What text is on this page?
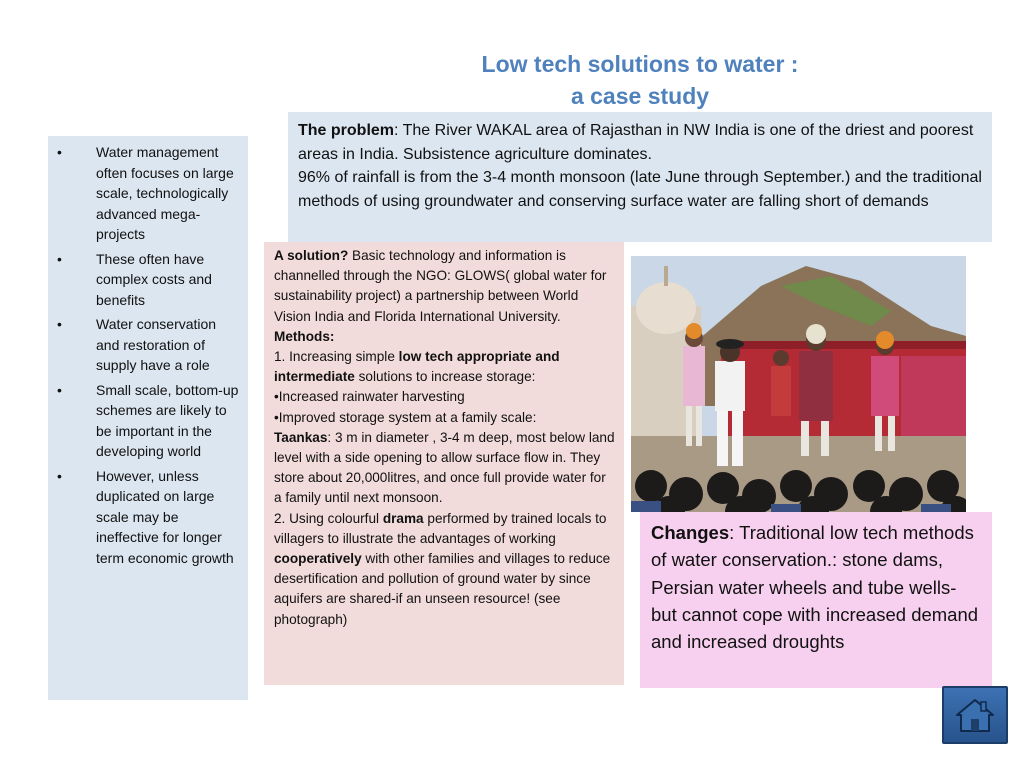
Low tech solutions to water :
a case study
The problem: The River WAKAL area of Rajasthan in NW India is one of the driest and poorest areas in India. Subsistence agriculture dominates.
96% of rainfall is from the 3-4 month monsoon (late June through September.) and the traditional methods of using groundwater and conserving surface water are falling short of demands
• Water management often focuses on large scale, technologically advanced mega-projects
• These often have complex costs and benefits
• Water conservation and restoration of supply have a role
• Small scale, bottom-up schemes are likely to be important in the developing world
• However, unless duplicated on large scale may be ineffective for longer term economic growth

A solution? Basic technology and information is channelled through the NGO: GLOWS( global water for sustainability project) a partnership between World Vision India and Florida International University.

Methods:

1. Increasing simple low tech appropriate and intermediate solutions to increase storage:

•Increased rainwater harvesting

•Improved storage system at a family scale:

Taankas: 3 m in diameter , 3-4 m deep, most below land level with a side opening to allow surface flow in. They store about 20,000litres, and once full provide water for a family until next monsoon.

2. Using colourful drama performed by trained locals to villagers to illustrate the advantages of working cooperatively with other families and villages to reduce desertification and pollution of ground water by since aquifers are shared-if an unseen resource! (see photograph)

Changes: Traditional low tech methods of water conservation.: stone dams, Persian water wheels and tube wells- but cannot cope with increased demand and increased droughts
